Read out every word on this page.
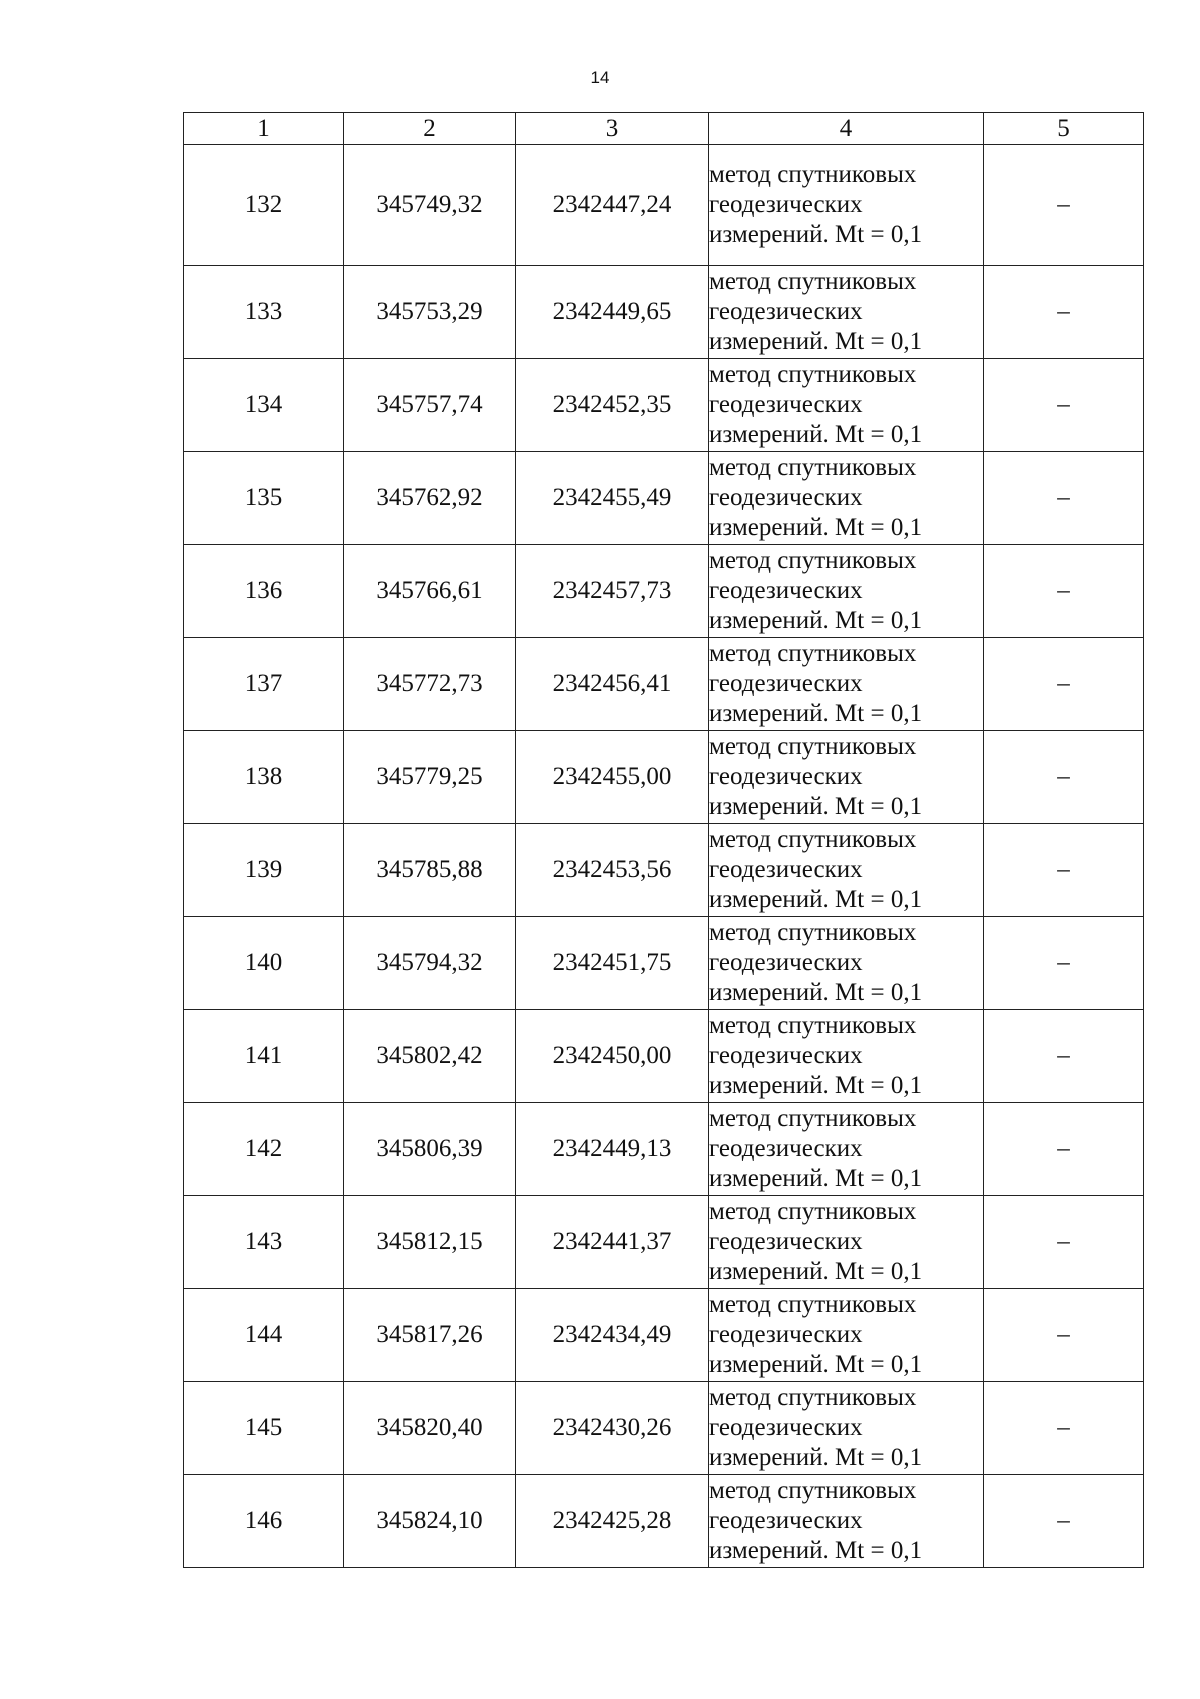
14
1	2	3	4	5
132	345749,32	2342447,24	метод спутниковых
геодезических
измерений. Mt = 0,1	–
133	345753,29	2342449,65	метод спутниковых
геодезических
измерений. Mt = 0,1	–
134	345757,74	2342452,35	метод спутниковых
геодезических
измерений. Mt = 0,1	–
135	345762,92	2342455,49	метод спутниковых
геодезических
измерений. Mt = 0,1	–
136	345766,61	2342457,73	метод спутниковых
геодезических
измерений. Mt = 0,1	–
137	345772,73	2342456,41	метод спутниковых
геодезических
измерений. Mt = 0,1	–
138	345779,25	2342455,00	метод спутниковых
геодезических
измерений. Mt = 0,1	–
139	345785,88	2342453,56	метод спутниковых
геодезических
измерений. Mt = 0,1	–
140	345794,32	2342451,75	метод спутниковых
геодезических
измерений. Mt = 0,1	–
141	345802,42	2342450,00	метод спутниковых
геодезических
измерений. Mt = 0,1	–
142	345806,39	2342449,13	метод спутниковых
геодезических
измерений. Mt = 0,1	–
143	345812,15	2342441,37	метод спутниковых
геодезических
измерений. Mt = 0,1	–
144	345817,26	2342434,49	метод спутниковых
геодезических
измерений. Mt = 0,1	–
145	345820,40	2342430,26	метод спутниковых
геодезических
измерений. Mt = 0,1	–
146	345824,10	2342425,28	метод спутниковых
геодезических
измерений. Mt = 0,1	–
